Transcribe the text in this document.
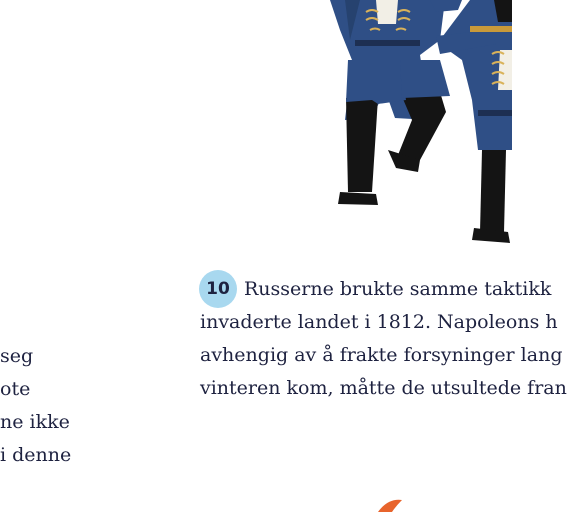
seg
ote
ne ikke
i denne
10 Russerne brukte samme taktikk
invaderte landet i 1812. Napoleons h
avhengig av å frakte forsyninger lang
vinteren kom, måtte de utsultede fran
